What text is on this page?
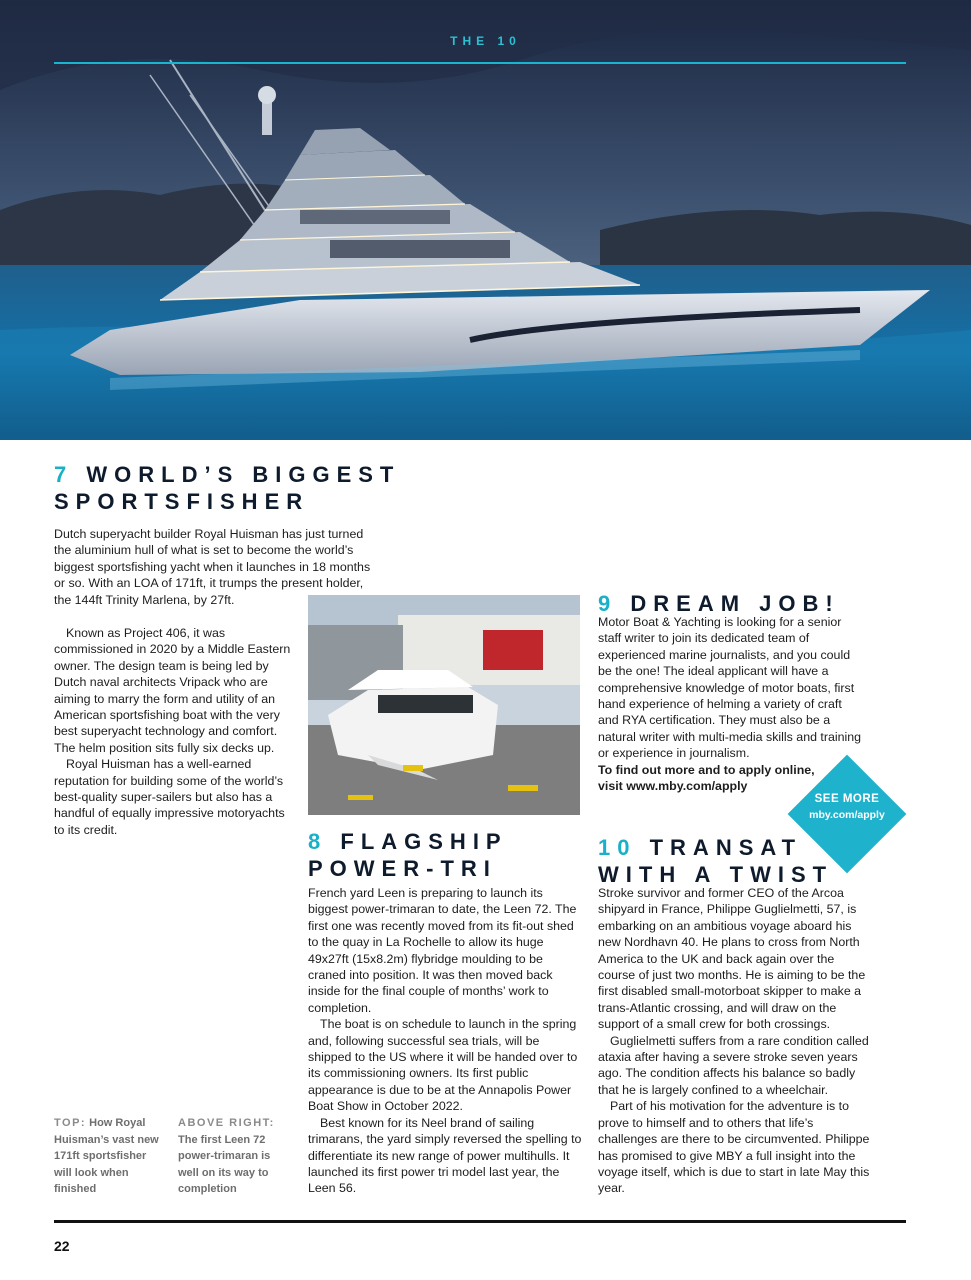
THE 10
7 WORLD’S BIGGEST
SPORTSFISHER

Dutch superyacht builder Royal Huisman has just turned the aluminium hull of what is set to become the world’s biggest sportsfishing yacht when it launches in 18 months or so. With an LOA of 171ft, it trumps the present holder, the 144ft Trinity Marlena, by 27ft.

Known as Project 406, it was commissioned in 2020 by a Middle Eastern owner. The design team is being led by Dutch naval architects Vripack who are aiming to marry the form and utility of an American sportsfishing boat with the very best superyacht technology and comfort. The helm position sits fully six decks up.

Royal Huisman has a well-earned reputation for building some of the world’s best-quality super-sailers but also has a handful of equally impressive motoryachts to its credit.	8 FLAGSHIP
POWER-TRI

French yard Leen is preparing to launch its biggest power-trimaran to date, the Leen 72. The first one was recently moved from its fit-out shed to the quay in La Rochelle to allow its huge 49x27ft (15x8.2m) flybridge moulding to be craned into position. It was then moved back inside for the final couple of months’ work to completion.

The boat is on schedule to launch in the spring and, following successful sea trials, will be shipped to the US where it will be handed over to its commissioning owners. Its first public appearance is due to be at the Annapolis Power Boat Show in October 2022.

Best known for its Neel brand of sailing trimarans, the yard simply reversed the spelling to differentiate its new range of power multihulls. It launched its first power tri model last year, the Leen 56.

9 DREAM JOB!

Motor Boat & Yachting is looking for a senior staff writer to join its dedicated team of experienced marine journalists, and you could be the one! The ideal applicant will have a comprehensive knowledge of motor boats, first hand experience of helming a variety of craft and RYA certification. They must also be a natural writer with multi-media skills and training or experience in journalism.

To find out more and to apply online, visit www.mby.com/apply

SEE MORE
mby.com/apply
10 TRANSAT
WITH A TWIST

Stroke survivor and former CEO of the Arcoa shipyard in France, Philippe Guglielmetti, 57, is embarking on an ambitious voyage aboard his new Nordhavn 40. He plans to cross from North America to the UK and back again over the course of just two months. He is aiming to be the first disabled small-motorboat skipper to make a trans-Atlantic crossing, and will draw on the support of a small crew for both crossings.

Guglielmetti suffers from a rare condition called ataxia after having a severe stroke seven years ago. The condition affects his balance so badly that he is largely confined to a wheelchair.

Part of his motivation for the adventure is to prove to himself and to others that life’s challenges are there to be circumvented. Philippe has promised to give MBY a full insight into the voyage itself, which is due to start in late May this year.

TOP: How Royal Huisman’s vast new 171ft sportsfisher will look when finished
ABOVE RIGHT:
The first Leen 72 power-trimaran is well on its way to completion
22
